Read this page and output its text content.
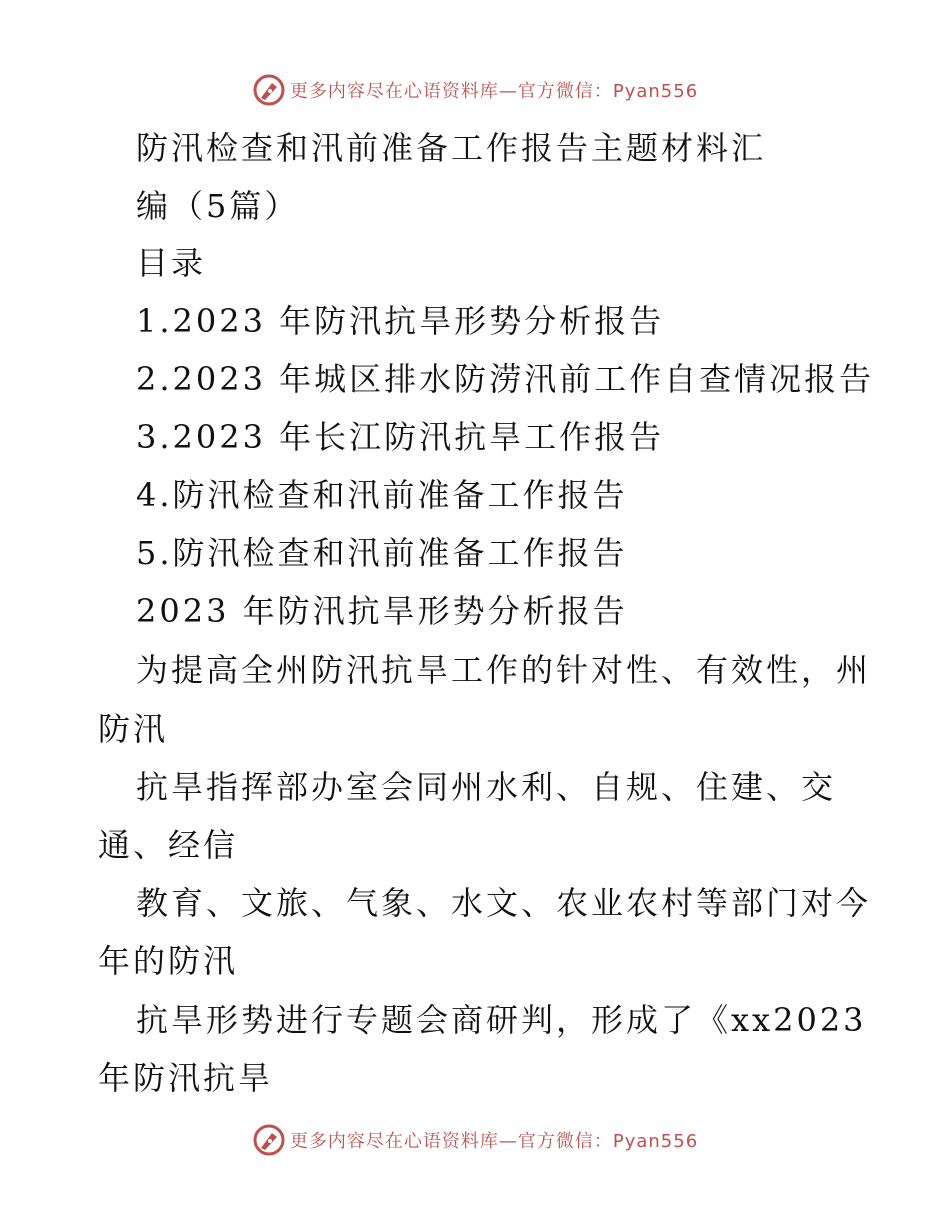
更多内容尽在心语资料库—官方微信：Pyan556
防汛检查和汛前准备工作报告主题材料汇
编（5篇）
目录
1.2023 年防汛抗旱形势分析报告
2.2023 年城区排水防涝汛前工作自查情况报告
3.2023 年长江防汛抗旱工作报告
4.防汛检查和汛前准备工作报告
5.防汛检查和汛前准备工作报告
2023 年防汛抗旱形势分析报告
为提高全州防汛抗旱工作的针对性、有效性，州
防汛
抗旱指挥部办室会同州水利、自规、住建、交
通、经信
教育、文旅、气象、水文、农业农村等部门对今
年的防汛
抗旱形势进行专题会商研判，形成了《xx2023
年防汛抗旱
更多内容尽在心语资料库—官方微信：Pyan556
